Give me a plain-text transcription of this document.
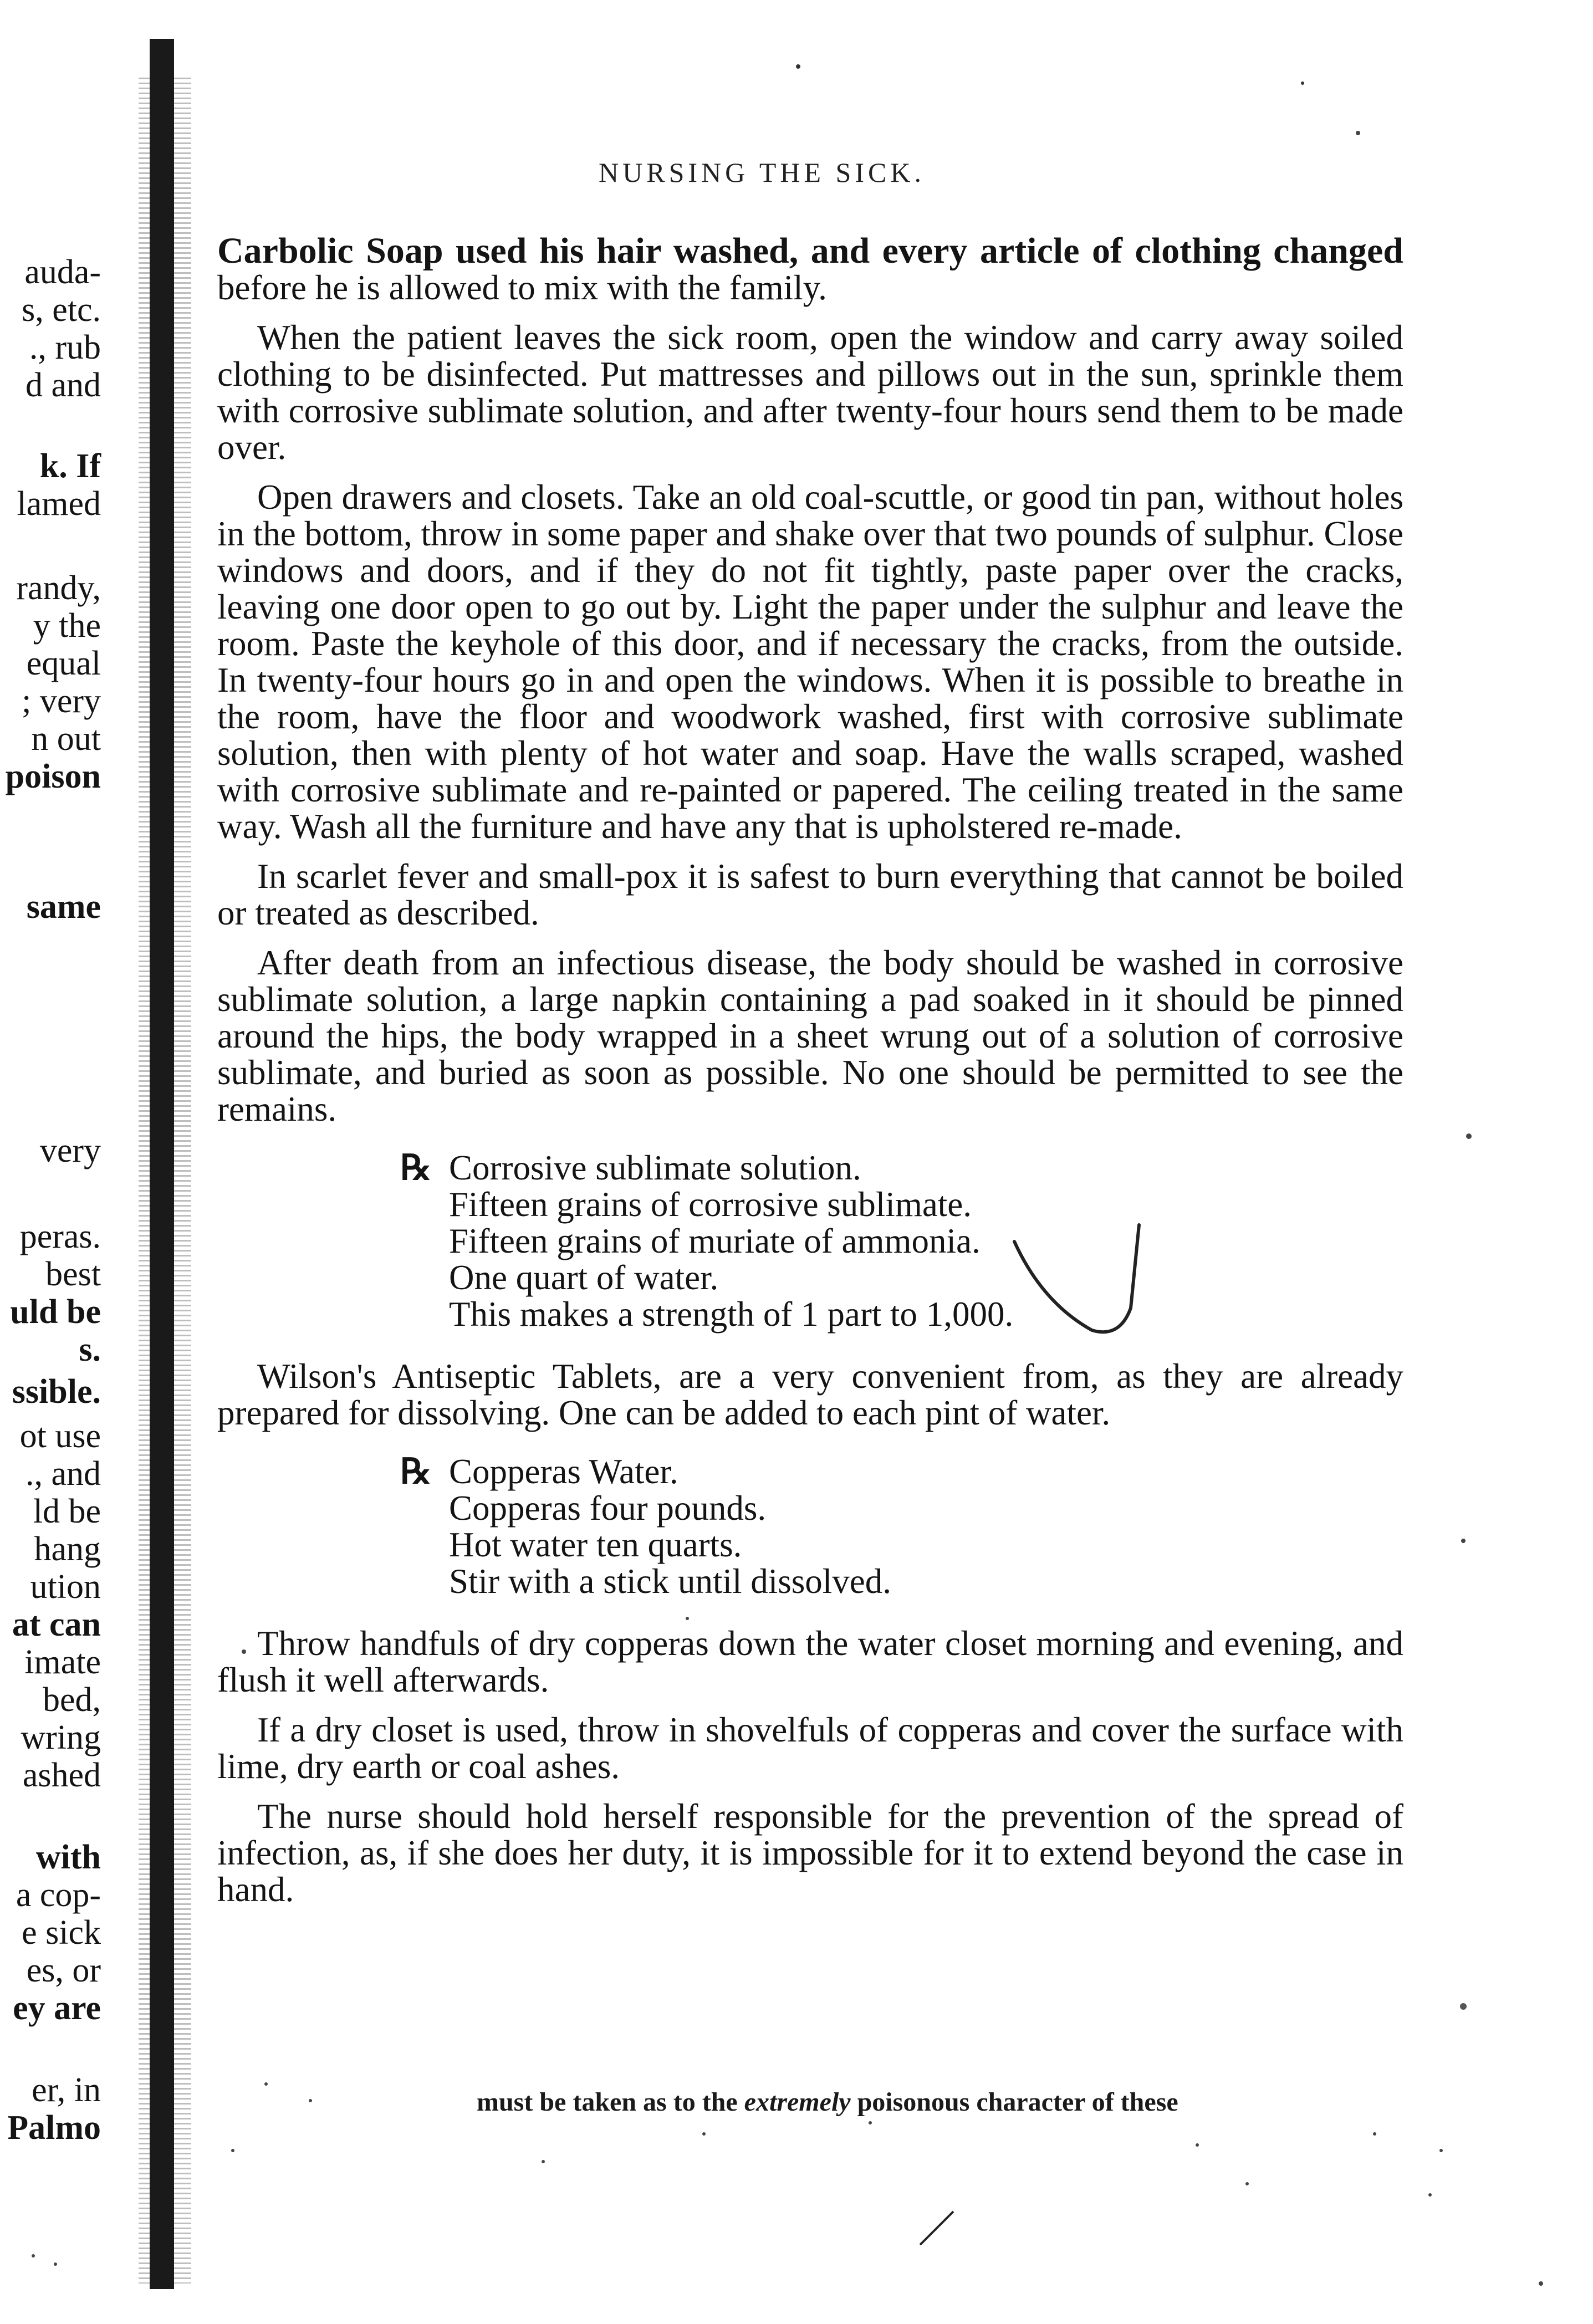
auda-
s, etc.
., rub
d and
k. If
lamed
randy,
y the
equal
; very
n out
poison
same
very
peras.
best
uld be
s.
ssible.
ot use
., and
ld be
hang
ution
at can
imate
bed,
wring
ashed
with
a cop-
e sick
es, or
ey are
er, in
Palmo
NURSING THE SICK.

Carbolic Soap used his hair washed, and every article of clothing changed before he is allowed to mix with the family.

When the patient leaves the sick room, open the window and carry away soiled clothing to be disinfected. Put mattresses and pillows out in the sun, sprinkle them with corrosive sublimate solution, and after twenty-four hours send them to be made over.

Open drawers and closets. Take an old coal-scuttle, or good tin pan, without holes in the bottom, throw in some paper and shake over that two pounds of sulphur. Close windows and doors, and if they do not fit tightly, paste paper over the cracks, leaving one door open to go out by. Light the paper under the sulphur and leave the room. Paste the keyhole of this door, and if necessary the cracks, from the outside. In twenty-four hours go in and open the windows. When it is possible to breathe in the room, have the floor and woodwork washed, first with corrosive sublimate solution, then with plenty of hot water and soap. Have the walls scraped, washed with corrosive sublimate and re-painted or papered. The ceiling treated in the same way. Wash all the furniture and have any that is upholstered re-made.

In scarlet fever and small-pox it is safest to burn everything that cannot be boiled or treated as described.

After death from an infectious disease, the body should be washed in corrosive sublimate solution, a large napkin containing a pad soaked in it should be pinned around the hips, the body wrapped in a sheet wrung out of a solution of corrosive sublimate, and buried as soon as possible. No one should be permitted to see the remains.

℞ Corrosive sublimate solution.
Fifteen grains of corrosive sublimate.
Fifteen grains of muriate of ammonia.
One quart of water.
This makes a strength of 1 part to 1,000.

Wilson's Antiseptic Tablets, are a very convenient from, as they are already prepared for dissolving. One can be added to each pint of water.

℞ Copperas Water.
Copperas four pounds.
Hot water ten quarts.
Stir with a stick until dissolved.

Throw handfuls of dry copperas down the water closet morning and evening, and flush it well afterwards.

If a dry closet is used, throw in shovelfuls of copperas and cover the surface with lime, dry earth or coal ashes.

The nurse should hold herself responsible for the prevention of the spread of infection, as, if she does her duty, it is impossible for it to extend beyond the case in hand.

must be taken as to the extremely poisonous character of these
